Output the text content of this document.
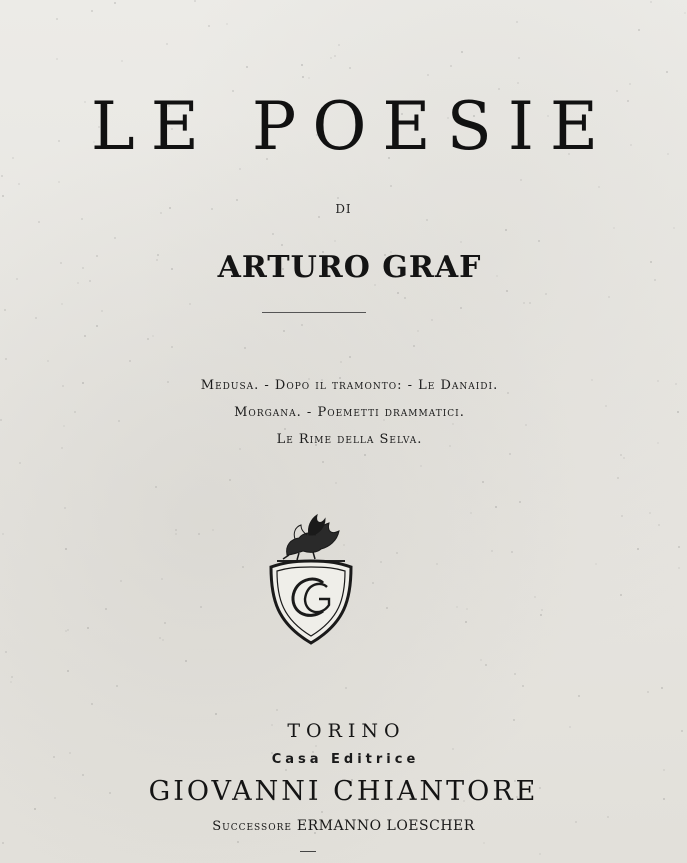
LE POESIE
DI
ARTURO GRAF
Medusa. - Dopo il tramonto: - Le Danaidi.
Morgana. - Poemetti drammatici.
Le Rime della Selva.
TORINO
Casa Editrice
GIOVANNI CHIANTORE
Successore ERMANNO LOESCHER
